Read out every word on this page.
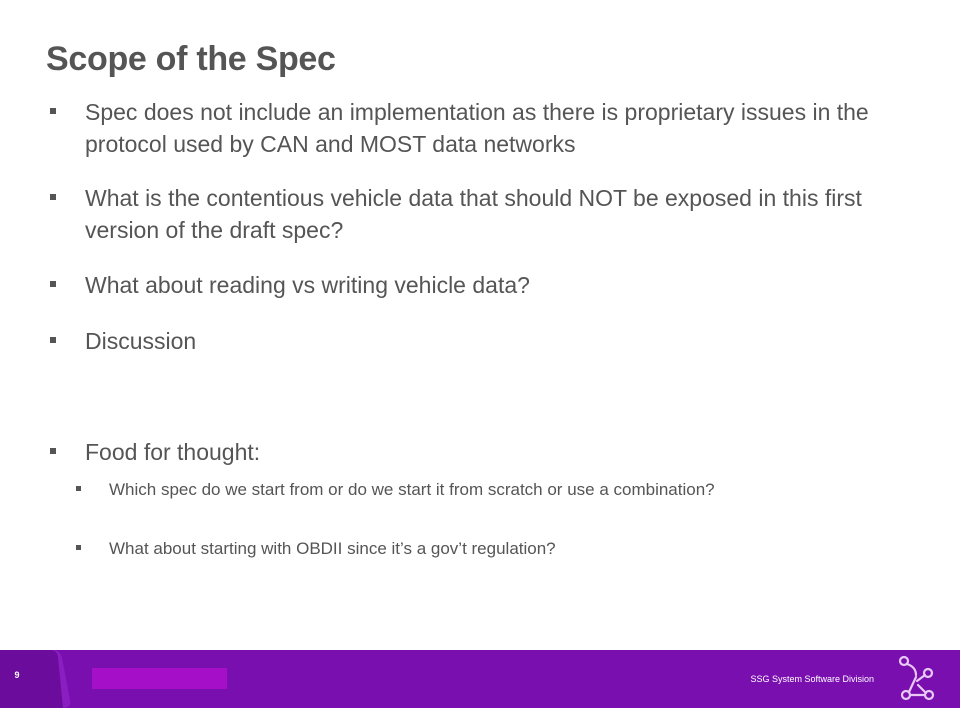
Scope of the Spec
Spec does not include an implementation as there is proprietary issues in the protocol used by CAN and MOST data networks
What is the contentious vehicle data that should NOT be exposed in this first version of the draft spec?
What about reading vs writing vehicle data?
Discussion
Food for thought:
Which spec do we start from or do we start it from scratch or use a combination?
What about starting with OBDII since it’s a gov’t regulation?
9	SSG System Software Division
